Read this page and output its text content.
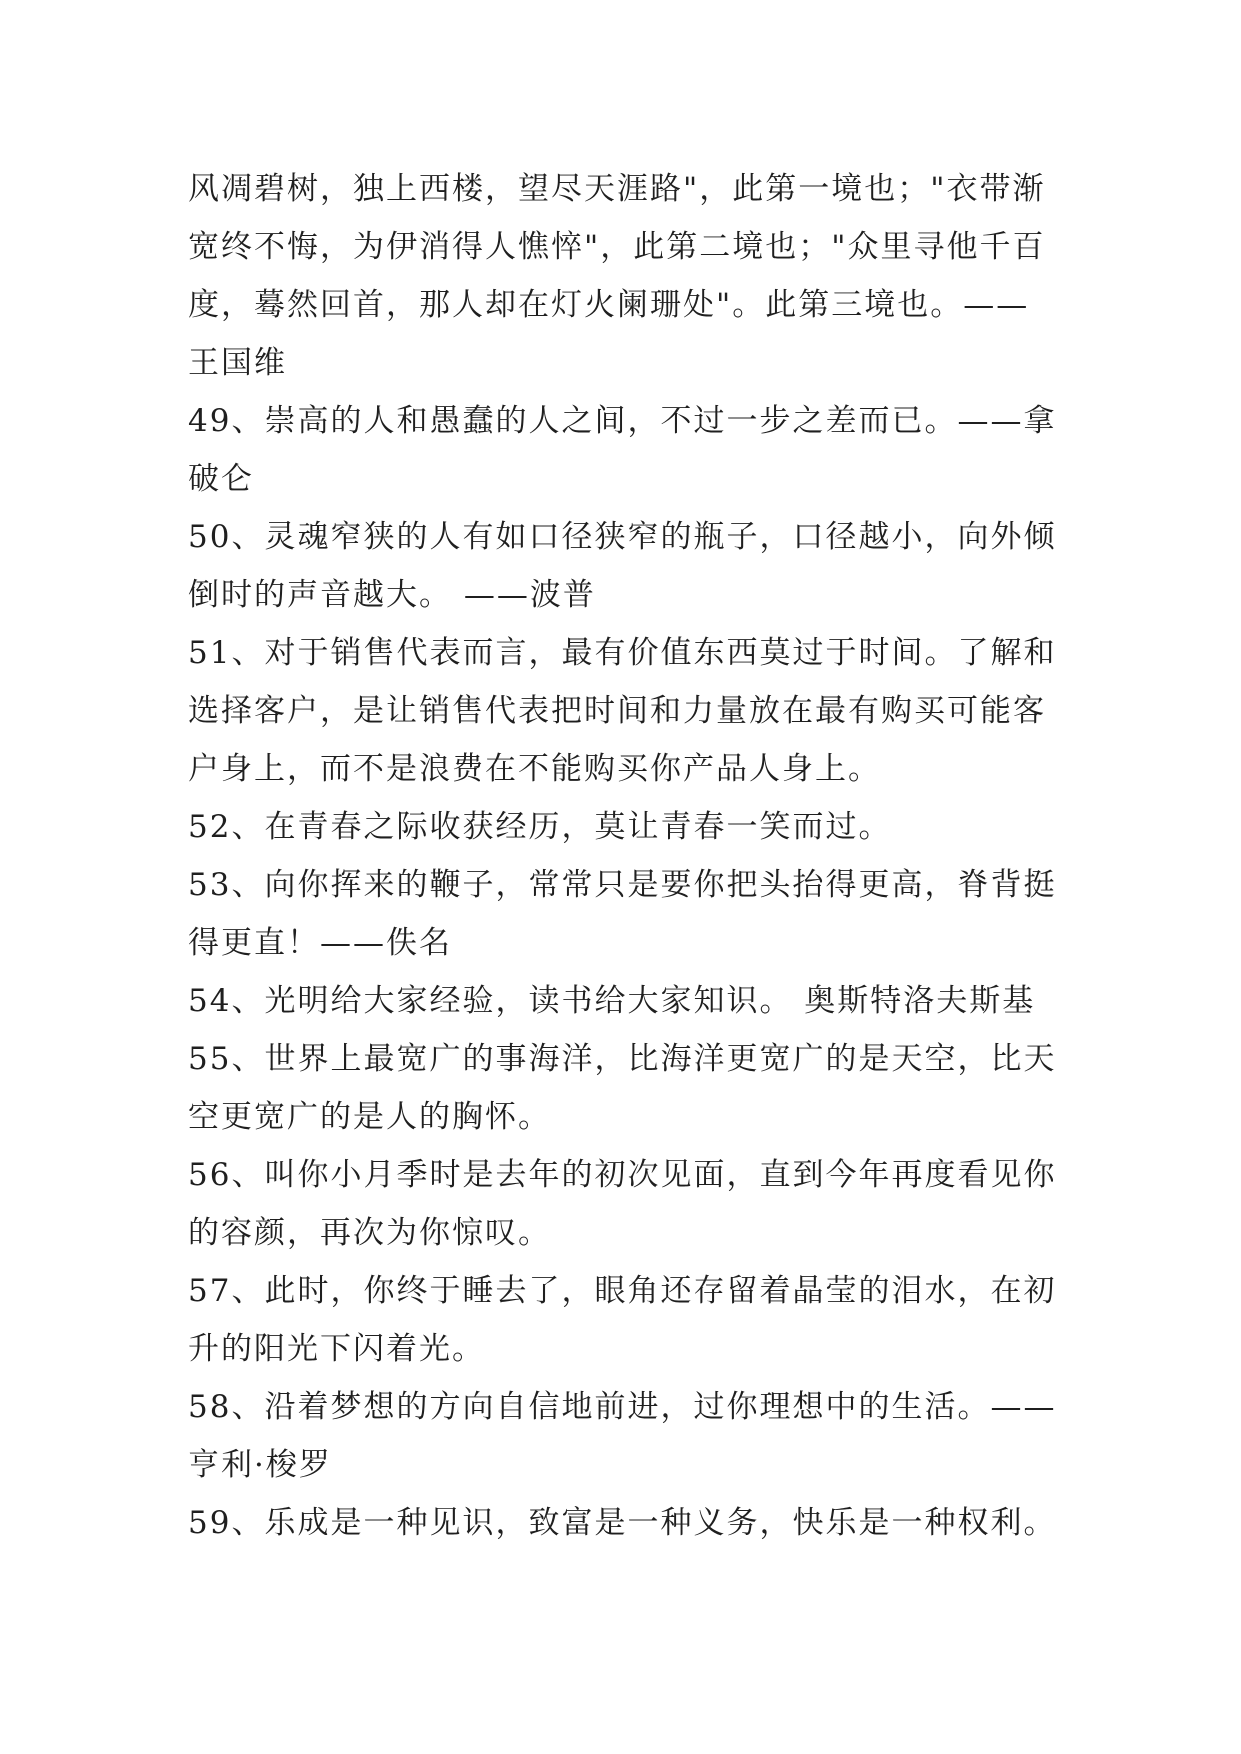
风凋碧树，独上西楼，望尽天涯路"，此第一境也；"衣带渐
宽终不悔，为伊消得人憔悴"，此第二境也；"众里寻他千百
度，蓦然回首，那人却在灯火阑珊处"。此第三境也。——
王国维
49、崇高的人和愚蠢的人之间，不过一步之差而已。——拿
破仑
50、灵魂窄狭的人有如口径狭窄的瓶子，口径越小，向外倾
倒时的声音越大。 ——波普
51、对于销售代表而言，最有价值东西莫过于时间。了解和
选择客户，是让销售代表把时间和力量放在最有购买可能客
户身上，而不是浪费在不能购买你产品人身上。
52、在青春之际收获经历，莫让青春一笑而过。
53、向你挥来的鞭子，常常只是要你把头抬得更高，脊背挺
得更直！——佚名
54、光明给大家经验，读书给大家知识。 奥斯特洛夫斯基
55、世界上最宽广的事海洋，比海洋更宽广的是天空，比天
空更宽广的是人的胸怀。
56、叫你小月季时是去年的初次见面，直到今年再度看见你
的容颜，再次为你惊叹。
57、此时，你终于睡去了，眼角还存留着晶莹的泪水，在初
升的阳光下闪着光。
58、沿着梦想的方向自信地前进，过你理想中的生活。——
亨利·梭罗
59、乐成是一种见识，致富是一种义务，快乐是一种权利。
